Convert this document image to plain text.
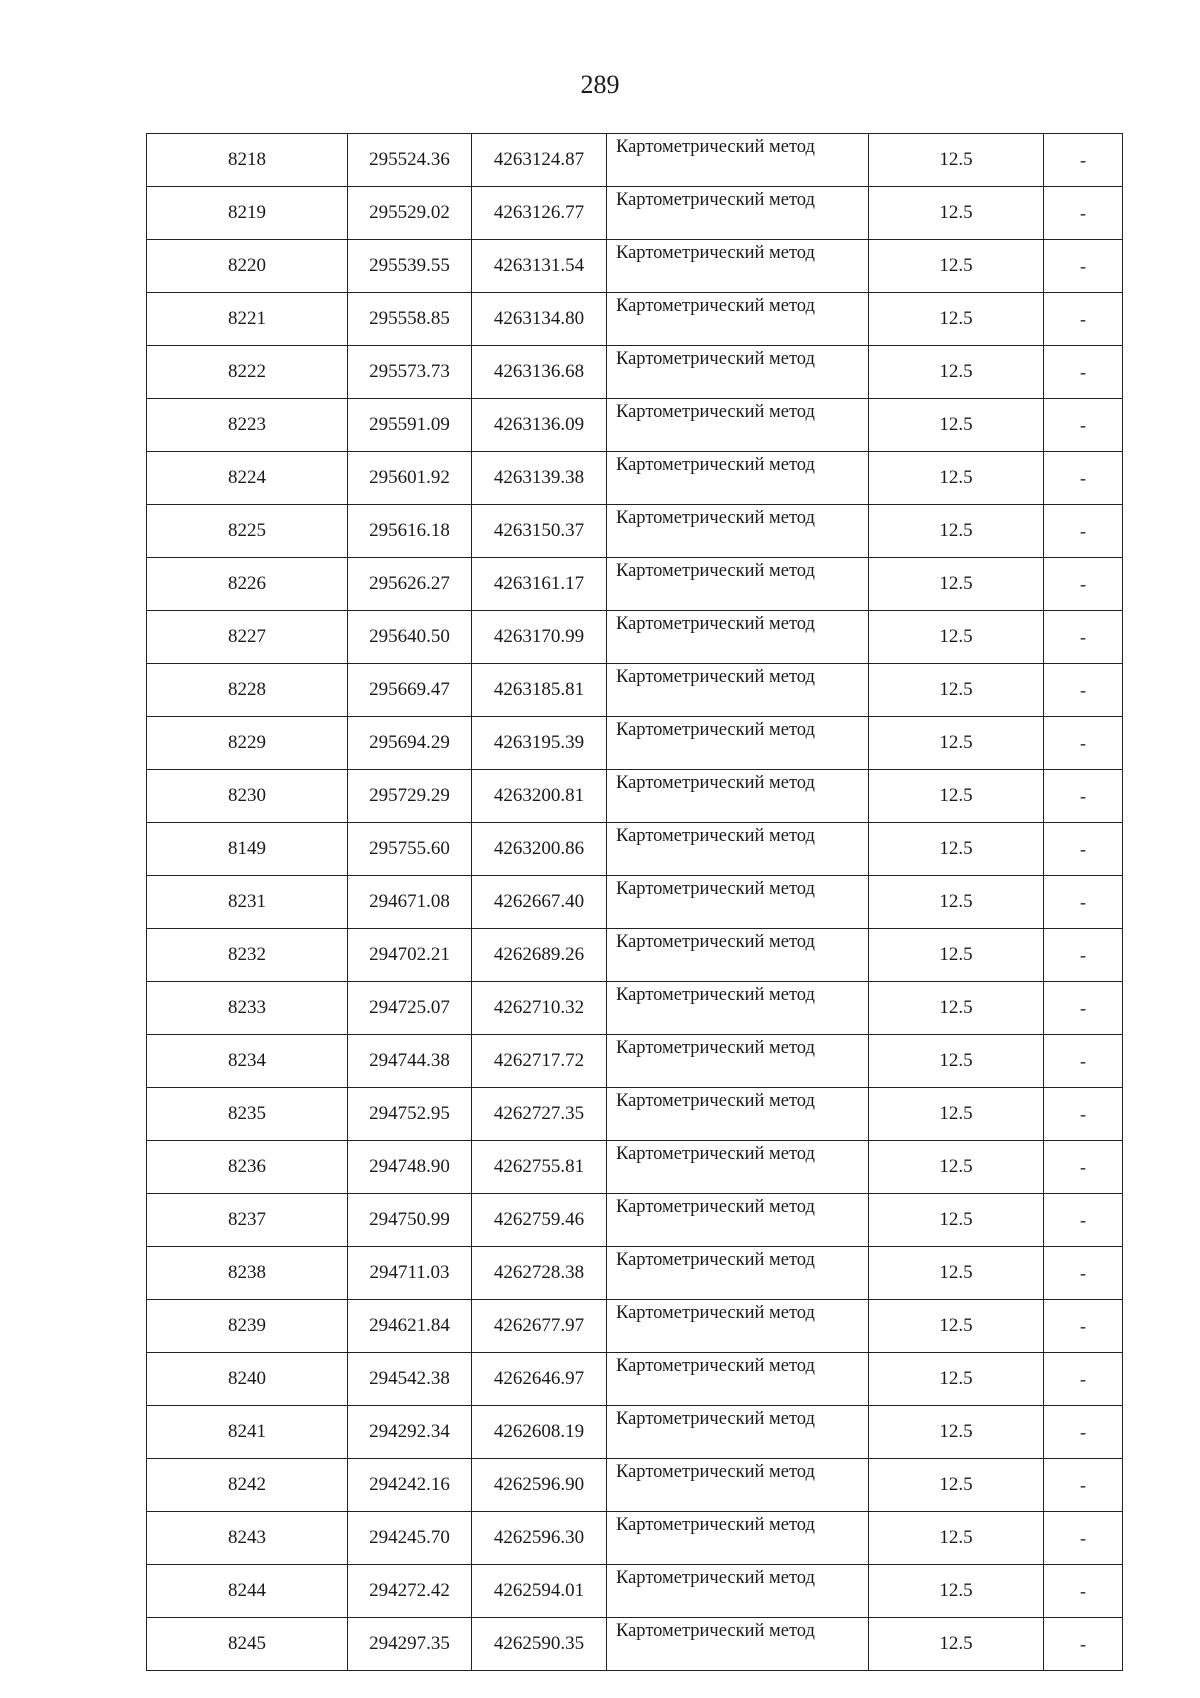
289
8218	295524.36	4263124.87	Картометрический метод	12.5	-
8219	295529.02	4263126.77	Картометрический метод	12.5	-
8220	295539.55	4263131.54	Картометрический метод	12.5	-
8221	295558.85	4263134.80	Картометрический метод	12.5	-
8222	295573.73	4263136.68	Картометрический метод	12.5	-
8223	295591.09	4263136.09	Картометрический метод	12.5	-
8224	295601.92	4263139.38	Картометрический метод	12.5	-
8225	295616.18	4263150.37	Картометрический метод	12.5	-
8226	295626.27	4263161.17	Картометрический метод	12.5	-
8227	295640.50	4263170.99	Картометрический метод	12.5	-
8228	295669.47	4263185.81	Картометрический метод	12.5	-
8229	295694.29	4263195.39	Картометрический метод	12.5	-
8230	295729.29	4263200.81	Картометрический метод	12.5	-
8149	295755.60	4263200.86	Картометрический метод	12.5	-
8231	294671.08	4262667.40	Картометрический метод	12.5	-
8232	294702.21	4262689.26	Картометрический метод	12.5	-
8233	294725.07	4262710.32	Картометрический метод	12.5	-
8234	294744.38	4262717.72	Картометрический метод	12.5	-
8235	294752.95	4262727.35	Картометрический метод	12.5	-
8236	294748.90	4262755.81	Картометрический метод	12.5	-
8237	294750.99	4262759.46	Картометрический метод	12.5	-
8238	294711.03	4262728.38	Картометрический метод	12.5	-
8239	294621.84	4262677.97	Картометрический метод	12.5	-
8240	294542.38	4262646.97	Картометрический метод	12.5	-
8241	294292.34	4262608.19	Картометрический метод	12.5	-
8242	294242.16	4262596.90	Картометрический метод	12.5	-
8243	294245.70	4262596.30	Картометрический метод	12.5	-
8244	294272.42	4262594.01	Картометрический метод	12.5	-
8245	294297.35	4262590.35	Картометрический метод	12.5	-
